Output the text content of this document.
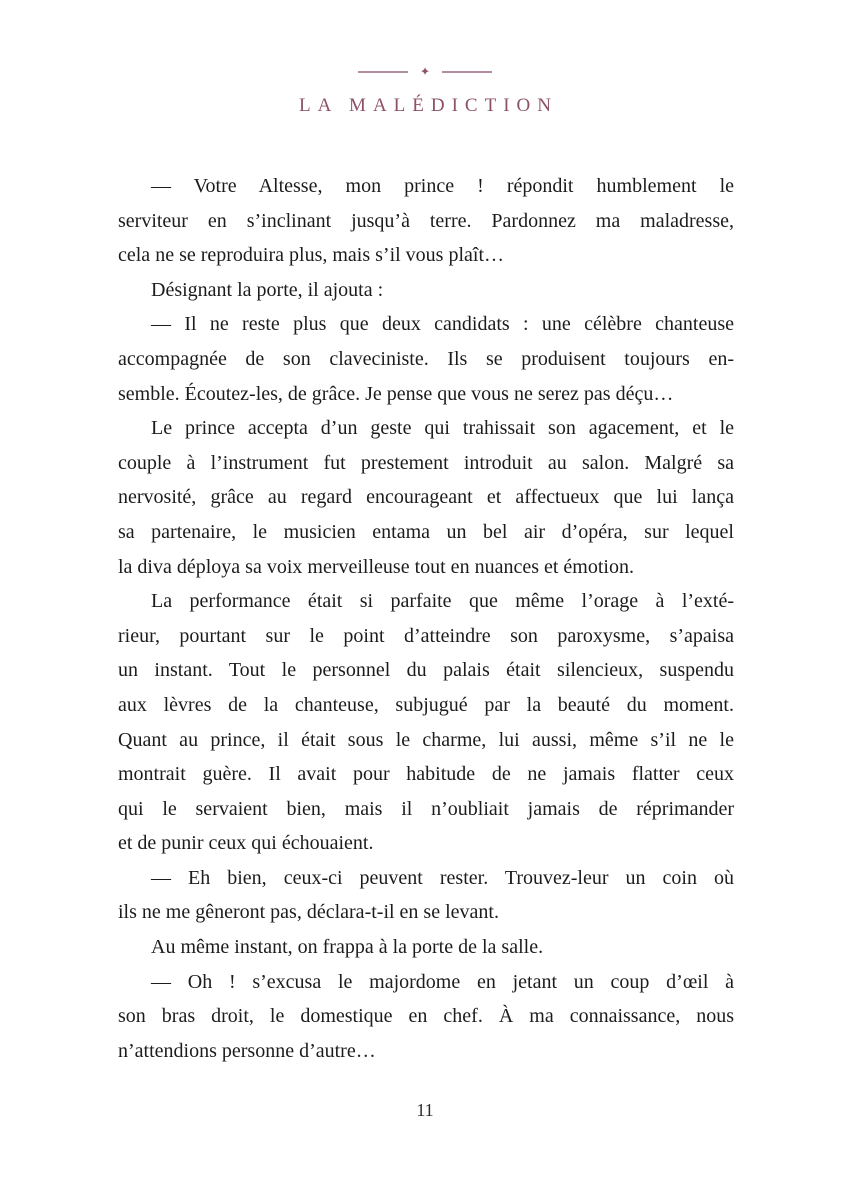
✦
LA MALÉDICTION
— Votre Altesse, mon prince ! répondit humblement le
serviteur en s’inclinant jusqu’à terre. Pardonnez ma maladresse,
cela ne se reproduira plus, mais s’il vous plaît…
Désignant la porte, il ajouta :
— Il ne reste plus que deux candidats : une célèbre chanteuse
accompagnée de son claveciniste. Ils se produisent toujours en-
semble. Écoutez-les, de grâce. Je pense que vous ne serez pas déçu…
Le prince accepta d’un geste qui trahissait son agacement, et le
couple à l’instrument fut prestement introduit au salon. Malgré sa
nervosité, grâce au regard encourageant et affectueux que lui lança
sa partenaire, le musicien entama un bel air d’opéra, sur lequel
la diva déploya sa voix merveilleuse tout en nuances et émotion.
La performance était si parfaite que même l’orage à l’exté-
rieur, pourtant sur le point d’atteindre son paroxysme, s’apaisa
un instant. Tout le personnel du palais était silencieux, suspendu
aux lèvres de la chanteuse, subjugué par la beauté du moment.
Quant au prince, il était sous le charme, lui aussi, même s’il ne le
montrait guère. Il avait pour habitude de ne jamais flatter ceux
qui le servaient bien, mais il n’oubliait jamais de réprimander
et de punir ceux qui échouaient.
— Eh bien, ceux-ci peuvent rester. Trouvez-leur un coin où
ils ne me gêneront pas, déclara-t-il en se levant.
Au même instant, on frappa à la porte de la salle.
— Oh ! s’excusa le majordome en jetant un coup d’œil à
son bras droit, le domestique en chef. À ma connaissance, nous
n’attendions personne d’autre…
11
